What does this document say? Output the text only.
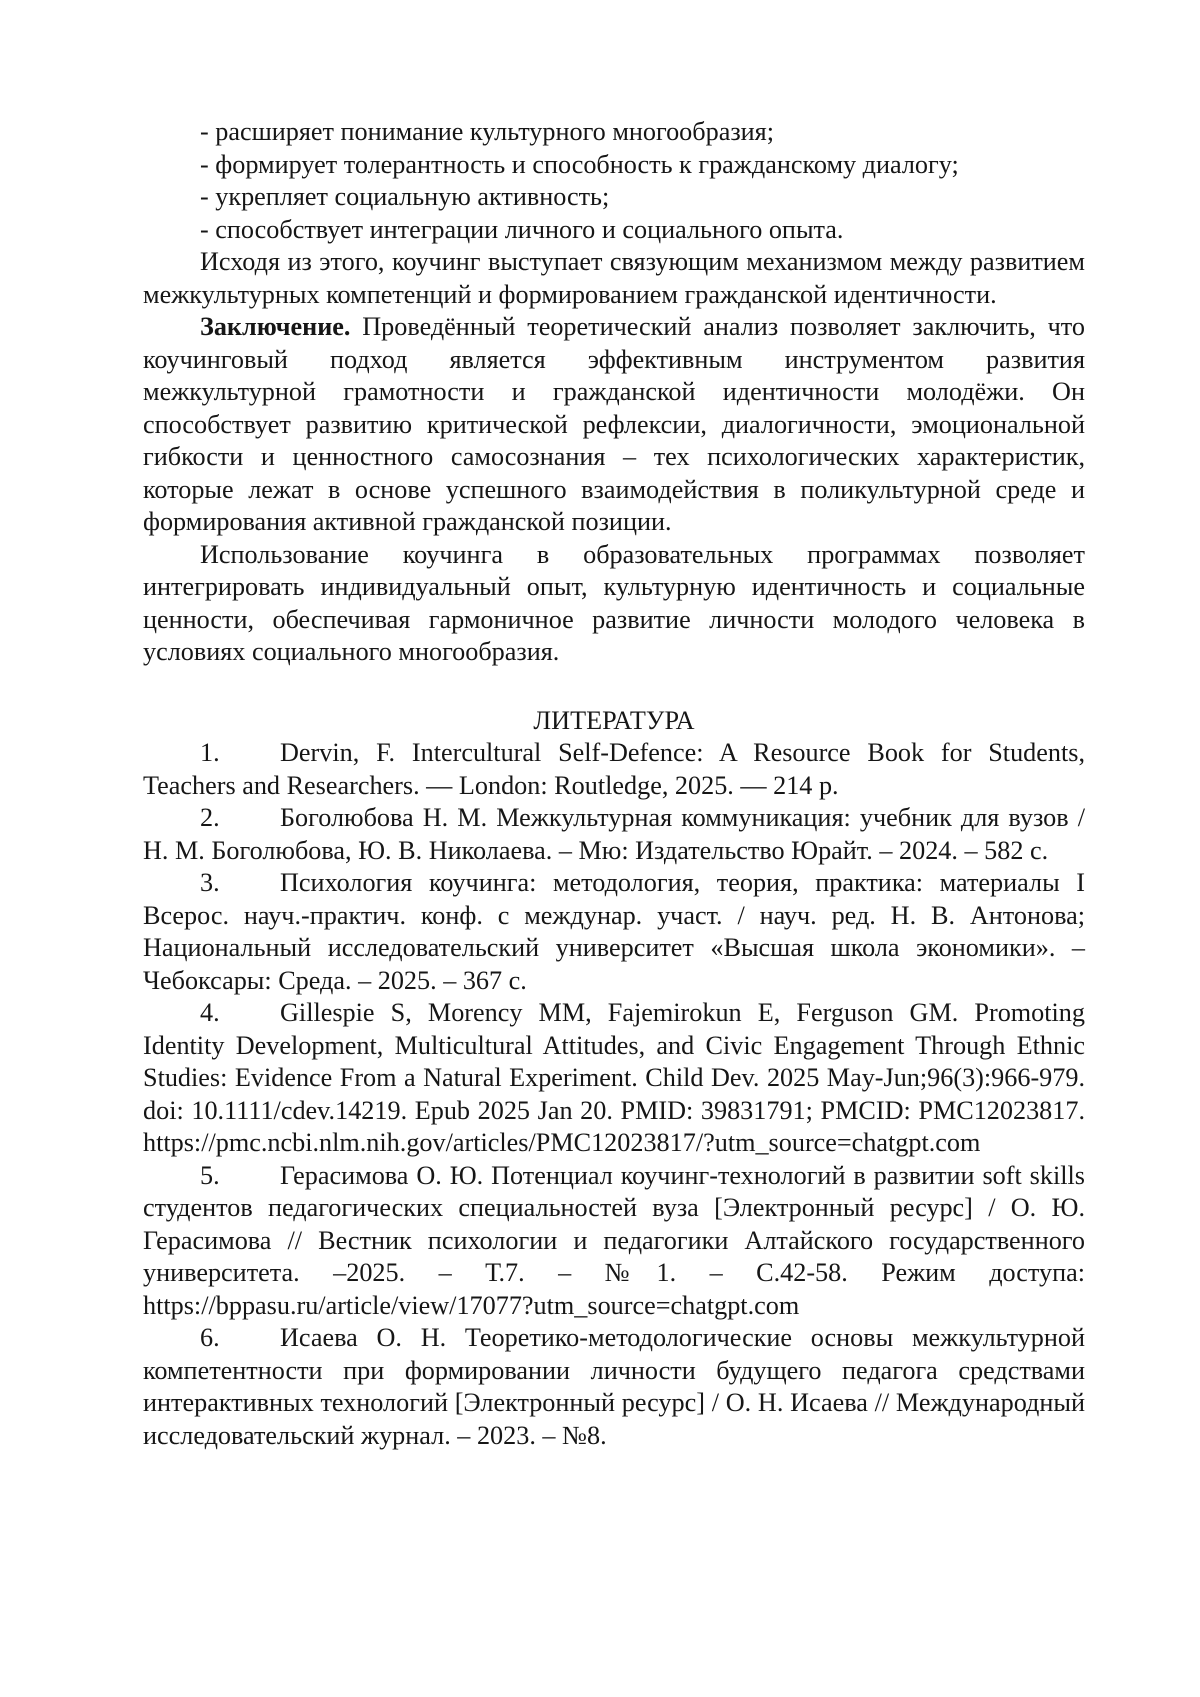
- расширяет понимание культурного многообразия;

- формирует толерантность и способность к гражданскому диалогу;

- укрепляет социальную активность;

- способствует интеграции личного и социального опыта.

Исходя из этого, коучинг выступает связующим механизмом между развитием межкультурных компетенций и формированием гражданской идентичности.

Заключение. Проведённый теоретический анализ позволяет заключить, что коучинговый подход является эффективным инструментом развития межкультурной грамотности и гражданской идентичности молодёжи. Он способствует развитию критической рефлексии, диалогичности, эмоциональной гибкости и ценностного самосознания – тех психологических характеристик, которые лежат в основе успешного взаимодействия в поликультурной среде и формирования активной гражданской позиции.

Использование коучинга в образовательных программах позволяет интегрировать индивидуальный опыт, культурную идентичность и социальные ценности, обеспечивая гармоничное развитие личности молодого человека в условиях социального многообразия.

ЛИТЕРАТУРА

1. Dervin, F. Intercultural Self-Defence: A Resource Book for Students, Teachers and Researchers. — London: Routledge, 2025. — 214 p.

2. Боголюбова Н. М. Межкультурная коммуникация: учебник для вузов / Н. М. Боголюбова, Ю. В. Николаева. – Мю: Издательство Юрайт. – 2024. – 582 с.

3. Психология коучинга: методология, теория, практика: материалы I Всерос. науч.-практич. конф. с междунар. участ. / науч. ред. Н. В. Антонова; Национальный исследовательский университет «Высшая школа экономики». – Чебоксары: Среда. – 2025. – 367 с.

4. Gillespie S, Morency MM, Fajemirokun E, Ferguson GM. Promoting Identity Development, Multicultural Attitudes, and Civic Engagement Through Ethnic Studies: Evidence From a Natural Experiment. Child Dev. 2025 May-Jun;96(3):966-979. doi: 10.1111/cdev.14219. Epub 2025 Jan 20. PMID: 39831791; PMCID: PMC12023817. https://pmc.ncbi.nlm.nih.gov/articles/PMC12023817/?utm_source=chatgpt.com

5. Герасимова О. Ю. Потенциал коучинг-технологий в развитии soft skills студентов педагогических специальностей вуза [Электронный ресурс] / О. Ю. Герасимова // Вестник психологии и педагогики Алтайского государственного университета. –2025. – Т.7. – №1. – С.42-58. Режим доступа: https://bppasu.ru/article/view/17077?utm_source=chatgpt.com

6. Исаева О. Н. Теоретико-методологические основы межкультурной компетентности при формировании личности будущего педагога средствами интерактивных технологий [Электронный ресурс] / О. Н. Исаева // Международный исследовательский журнал. – 2023. – №8.
